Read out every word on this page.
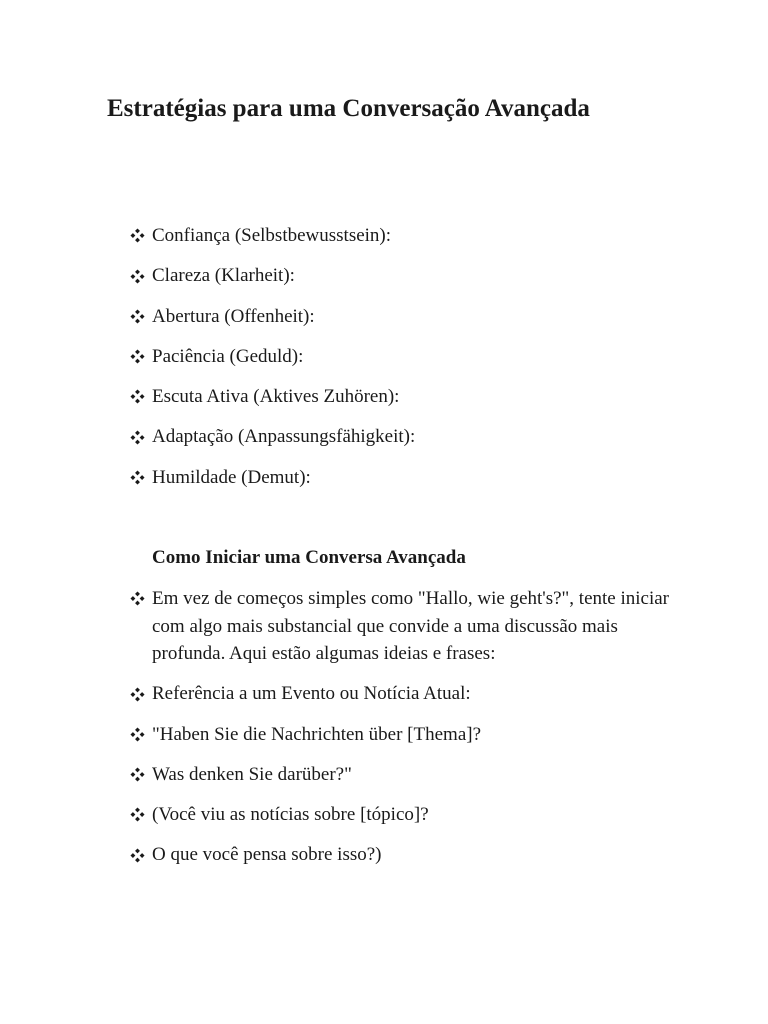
Estratégias para uma Conversação Avançada
Confiança (Selbstbewusstsein):
Clareza (Klarheit):
Abertura (Offenheit):
Paciência (Geduld):
Escuta Ativa (Aktives Zuhören):
Adaptação (Anpassungsfähigkeit):
Humildade (Demut):
Como Iniciar uma Conversa Avançada
Em vez de começos simples como "Hallo, wie geht's?", tente iniciar com algo mais substancial que convide a uma discussão mais profunda. Aqui estão algumas ideias e frases:
Referência a um Evento ou Notícia Atual:
"Haben Sie die Nachrichten über [Thema]?
Was denken Sie darüber?"
(Você viu as notícias sobre [tópico]?
O que você pensa sobre isso?)
